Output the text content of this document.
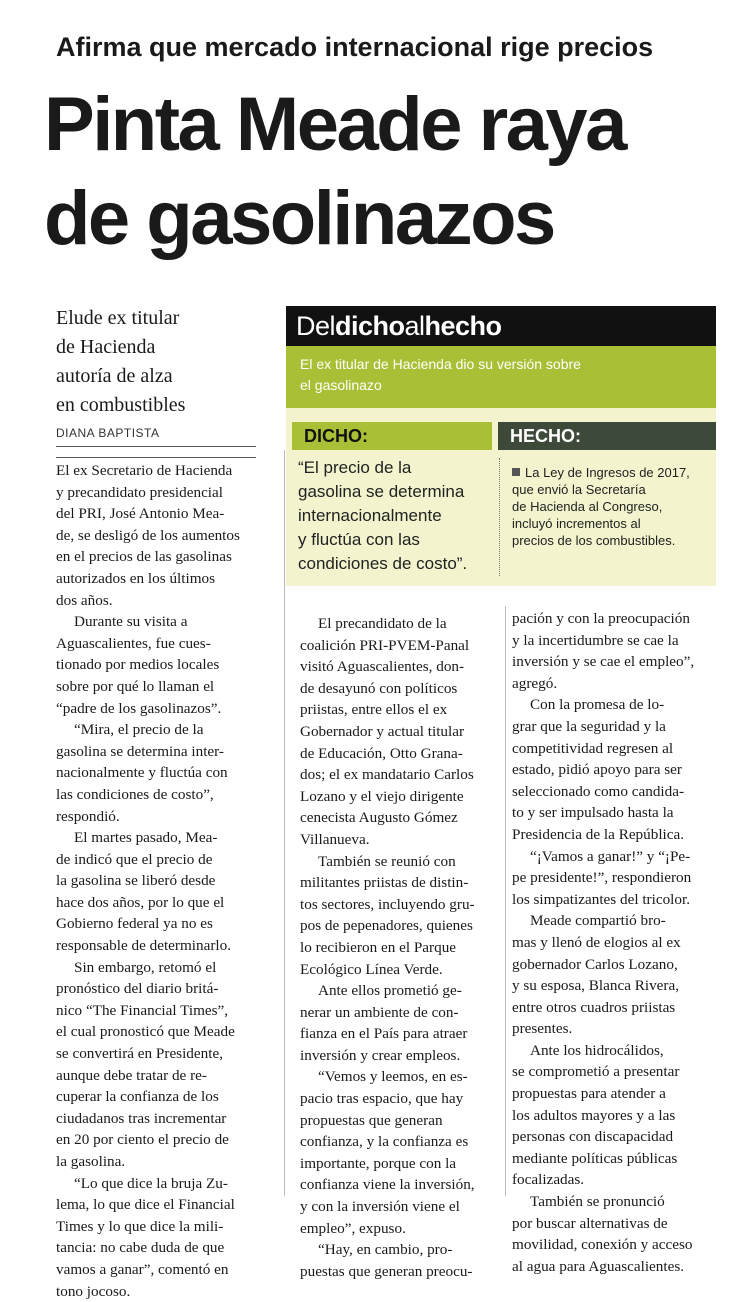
Afirma que mercado internacional rige precios
Pinta Meade raya
de gasolinazos
Elude ex titular
de Hacienda
autoría de alza
en combustibles
DIANA BAPTISTA
Deldichoalhecho
El ex titular de Hacienda dio su versión sobre
el gasolinazo
DICHO:	HECHO:
“El precio de la
gasolina se determina
internacionalmente
y fluctúa con las
condiciones de costo”.
La Ley de Ingresos de 2017,
que envió la Secretaría
de Hacienda al Congreso,
incluyó incrementos al
precios de los combustibles.

El ex Secretario de Hacienda
y precandidato presidencial
del PRI, José Antonio Mea-
de, se desligó de los aumentos
en el precios de las gasolinas
autorizados en los últimos
dos años.

Durante su visita a
Aguascalientes, fue cues-
tionado por medios locales
sobre por qué lo llaman el
“padre de los gasolinazos”.

“Mira, el precio de la
gasolina se determina inter-
nacionalmente y fluctúa con
las condiciones de costo”,
respondió.

El martes pasado, Mea-
de indicó que el precio de
la gasolina se liberó desde
hace dos años, por lo que el
Gobierno federal ya no es
responsable de determinarlo.

Sin embargo, retomó el
pronóstico del diario britá-
nico “The Financial Times”,
el cual pronosticó que Meade
se convertirá en Presidente,
aunque debe tratar de re-
cuperar la confianza de los
ciudadanos tras incrementar
en 20 por ciento el precio de
la gasolina.

“Lo que dice la bruja Zu-
lema, lo que dice el Financial
Times y lo que dice la mili-
tancia: no cabe duda de que
vamos a ganar”, comentó en
tono jocoso.

El precandidato de la
coalición PRI-PVEM-Panal
visitó Aguascalientes, don-
de desayunó con políticos
priistas, entre ellos el ex
Gobernador y actual titular
de Educación, Otto Grana-
dos; el ex mandatario Carlos
Lozano y el viejo dirigente
cenecista Augusto Gómez
Villanueva.

También se reunió con
militantes priistas de distin-
tos sectores, incluyendo gru-
pos de pepenadores, quienes
lo recibieron en el Parque
Ecológico Línea Verde.

Ante ellos prometió ge-
nerar un ambiente de con-
fianza en el País para atraer
inversión y crear empleos.

“Vemos y leemos, en es-
pacio tras espacio, que hay
propuestas que generan
confianza, y la confianza es
importante, porque con la
confianza viene la inversión,
y con la inversión viene el
empleo”, expuso.

“Hay, en cambio, pro-
puestas que generan preocu-

pación y con la preocupación
y la incertidumbre se cae la
inversión y se cae el empleo”,
agregó.

Con la promesa de lo-
grar que la seguridad y la
competitividad regresen al
estado, pidió apoyo para ser
seleccionado como candida-
to y ser impulsado hasta la
Presidencia de la República.

“¡Vamos a ganar!” y “¡Pe-
pe presidente!”, respondieron
los simpatizantes del tricolor.

Meade compartió bro-
mas y llenó de elogios al ex
gobernador Carlos Lozano,
y su esposa, Blanca Rivera,
entre otros cuadros priistas
presentes.

Ante los hidrocálidos,
se comprometió a presentar
propuestas para atender a
los adultos mayores y a las
personas con discapacidad
mediante políticas públicas
focalizadas.

También se pronunció
por buscar alternativas de
movilidad, conexión y acceso
al agua para Aguascalientes.
